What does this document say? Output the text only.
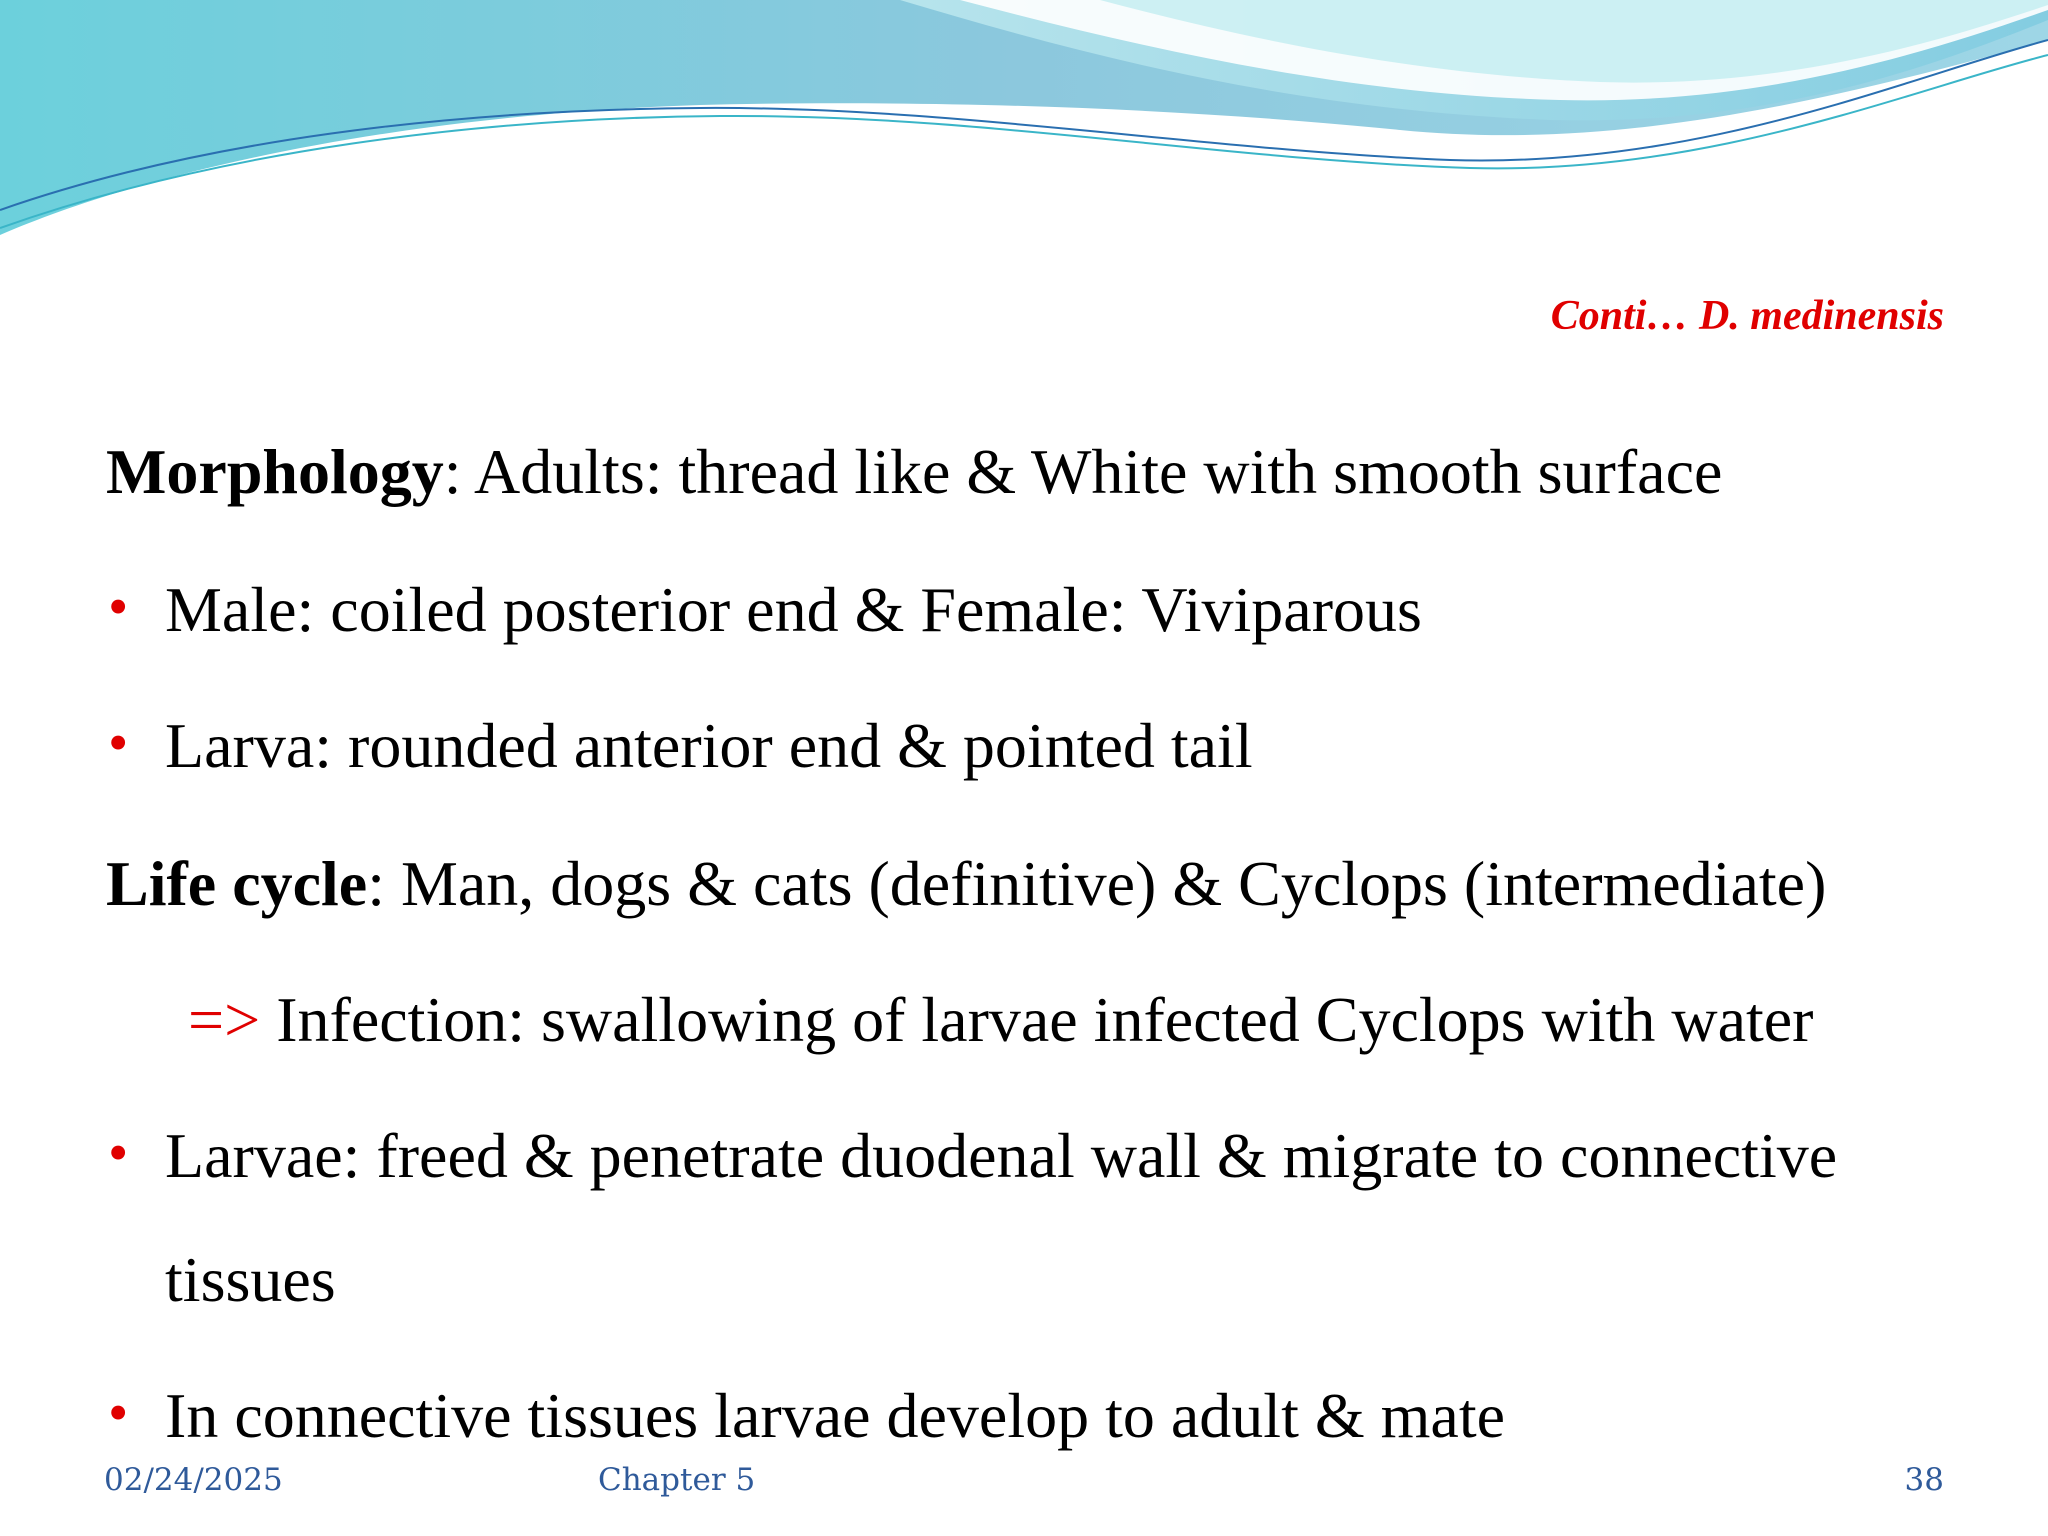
Conti… D. medinensis
Morphology: Adults: thread like & White with smooth surface
• Male: coiled posterior end & Female: Viviparous
• Larva: rounded anterior end & pointed tail
Life cycle: Man, dogs & cats (definitive) & Cyclops (intermediate)
=> Infection: swallowing of larvae infected Cyclops with water
• Larvae: freed & penetrate duodenal wall & migrate to connective
tissues
• In connective tissues larvae develop to adult & mate
02/24/2025	Chapter 5	38
